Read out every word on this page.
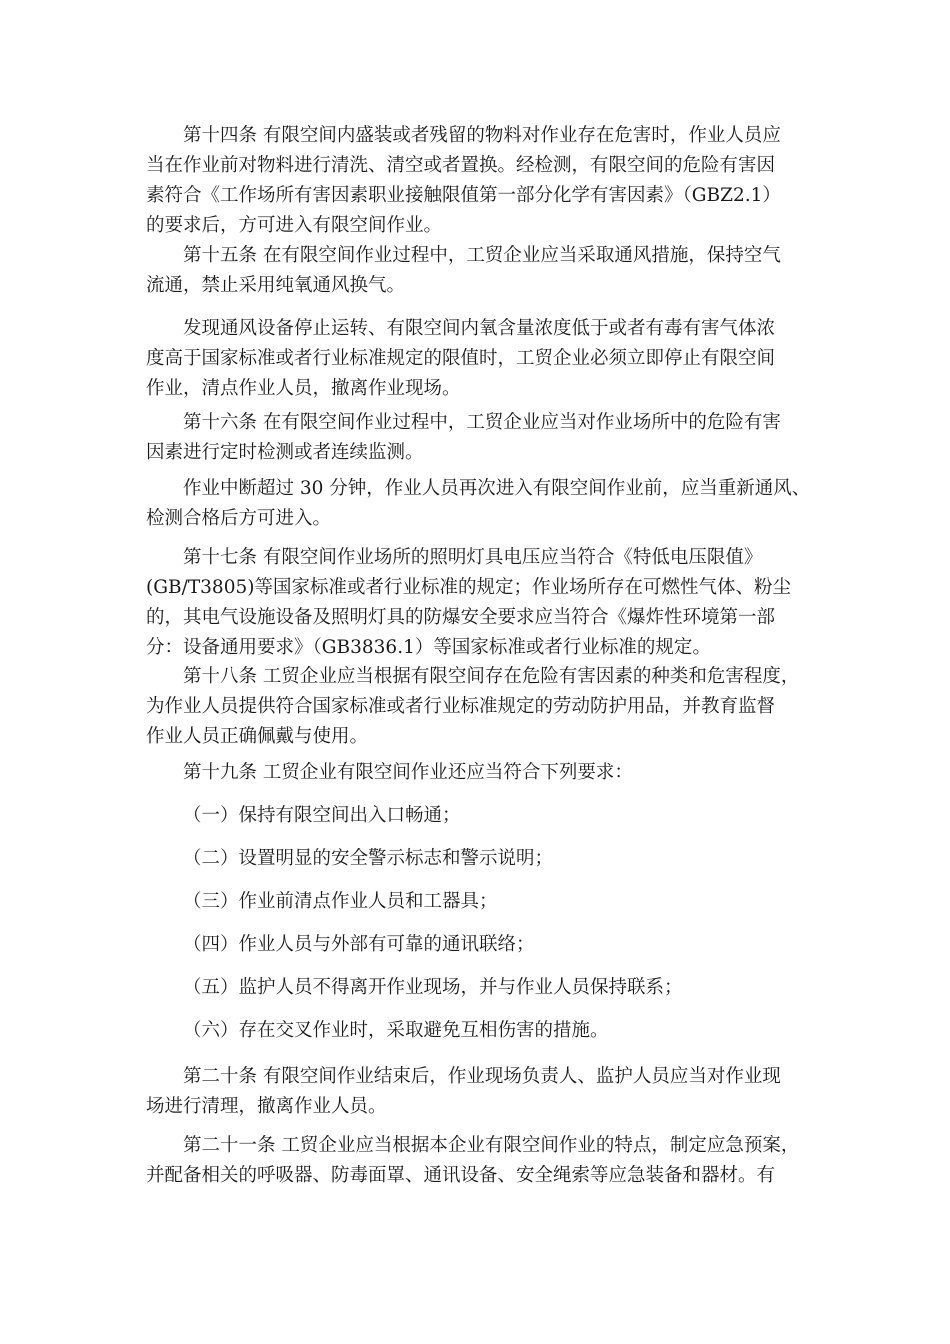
第十四条 有限空间内盛装或者残留的物料对作业存在危害时，作业人员应
当在作业前对物料进行清洗、清空或者置换。经检测，有限空间的危险有害因
素符合《工作场所有害因素职业接触限值第一部分化学有害因素》（GBZ2.1）
的要求后，方可进入有限空间作业。

第十五条 在有限空间作业过程中，工贸企业应当采取通风措施，保持空气
流通，禁止采用纯氧通风换气。

发现通风设备停止运转、有限空间内氧含量浓度低于或者有毒有害气体浓
度高于国家标准或者行业标准规定的限值时，工贸企业必须立即停止有限空间
作业，清点作业人员，撤离作业现场。

第十六条 在有限空间作业过程中，工贸企业应当对作业场所中的危险有害
因素进行定时检测或者连续监测。

作业中断超过 30 分钟，作业人员再次进入有限空间作业前，应当重新通风、
检测合格后方可进入。

第十七条 有限空间作业场所的照明灯具电压应当符合《特低电压限值》
(GB/T3805)等国家标准或者行业标准的规定；作业场所存在可燃性气体、粉尘
的，其电气设施设备及照明灯具的防爆安全要求应当符合《爆炸性环境第一部
分：设备通用要求》（GB3836.1）等国家标准或者行业标准的规定。

第十八条 工贸企业应当根据有限空间存在危险有害因素的种类和危害程度，
为作业人员提供符合国家标准或者行业标准规定的劳动防护用品，并教育监督
作业人员正确佩戴与使用。

第十九条 工贸企业有限空间作业还应当符合下列要求：

（一）保持有限空间出入口畅通；

（二）设置明显的安全警示标志和警示说明；

（三）作业前清点作业人员和工器具；

（四）作业人员与外部有可靠的通讯联络；

（五）监护人员不得离开作业现场，并与作业人员保持联系；

（六）存在交叉作业时，采取避免互相伤害的措施。

第二十条 有限空间作业结束后，作业现场负责人、监护人员应当对作业现
场进行清理，撤离作业人员。

第二十一条 工贸企业应当根据本企业有限空间作业的特点，制定应急预案，
并配备相关的呼吸器、防毒面罩、通讯设备、安全绳索等应急装备和器材。有
